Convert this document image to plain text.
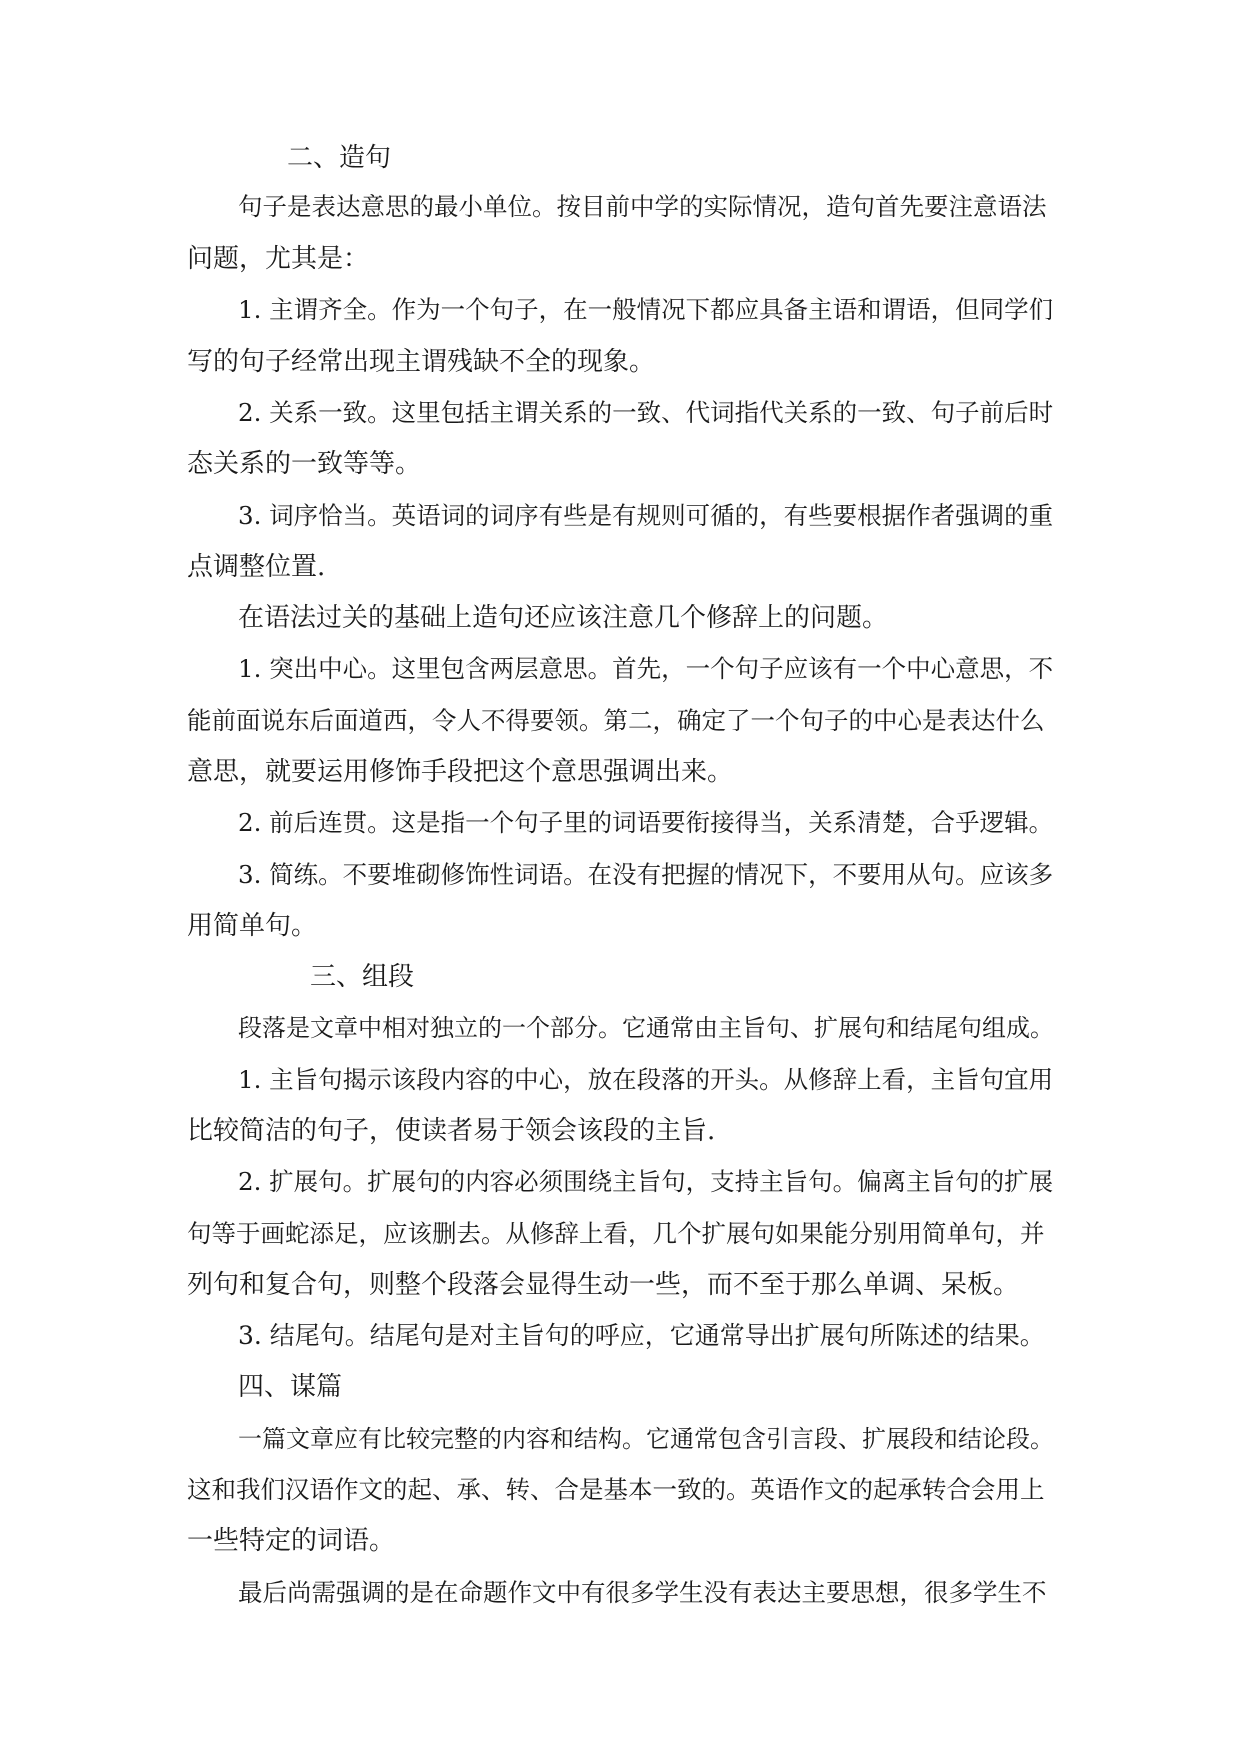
二、造句
句子是表达意思的最小单位。按目前中学的实际情况，造句首先要注意语法
问题，尤其是：
1. 主谓齐全。作为一个句子，在一般情况下都应具备主语和谓语，但同学们
写的句子经常出现主谓残缺不全的现象。
2. 关系一致。这里包括主谓关系的一致、代词指代关系的一致、句子前后时
态关系的一致等等。
3. 词序恰当。英语词的词序有些是有规则可循的，有些要根据作者强调的重
点调整位置.
在语法过关的基础上造句还应该注意几个修辞上的问题。
1. 突出中心。这里包含两层意思。首先，一个句子应该有一个中心意思，不
能前面说东后面道西，令人不得要领。第二，确定了一个句子的中心是表达什么
意思，就要运用修饰手段把这个意思强调出来。
2. 前后连贯。这是指一个句子里的词语要衔接得当，关系清楚，合乎逻辑。
3. 简练。不要堆砌修饰性词语。在没有把握的情况下，不要用从句。应该多
用简单句。
三、组段
段落是文章中相对独立的一个部分。它通常由主旨句、扩展句和结尾句组成。
1. 主旨句揭示该段内容的中心，放在段落的开头。从修辞上看，主旨句宜用
比较简洁的句子，使读者易于领会该段的主旨.
2. 扩展句。扩展句的内容必须围绕主旨句，支持主旨句。偏离主旨句的扩展
句等于画蛇添足，应该删去。从修辞上看，几个扩展句如果能分别用简单句，并
列句和复合句，则整个段落会显得生动一些，而不至于那么单调、呆板。
3. 结尾句。结尾句是对主旨句的呼应，它通常导出扩展句所陈述的结果。
四、谋篇
一篇文章应有比较完整的内容和结构。它通常包含引言段、扩展段和结论段。
这和我们汉语作文的起、承、转、合是基本一致的。英语作文的起承转合会用上
一些特定的词语。
最后尚需强调的是在命题作文中有很多学生没有表达主要思想，很多学生不
